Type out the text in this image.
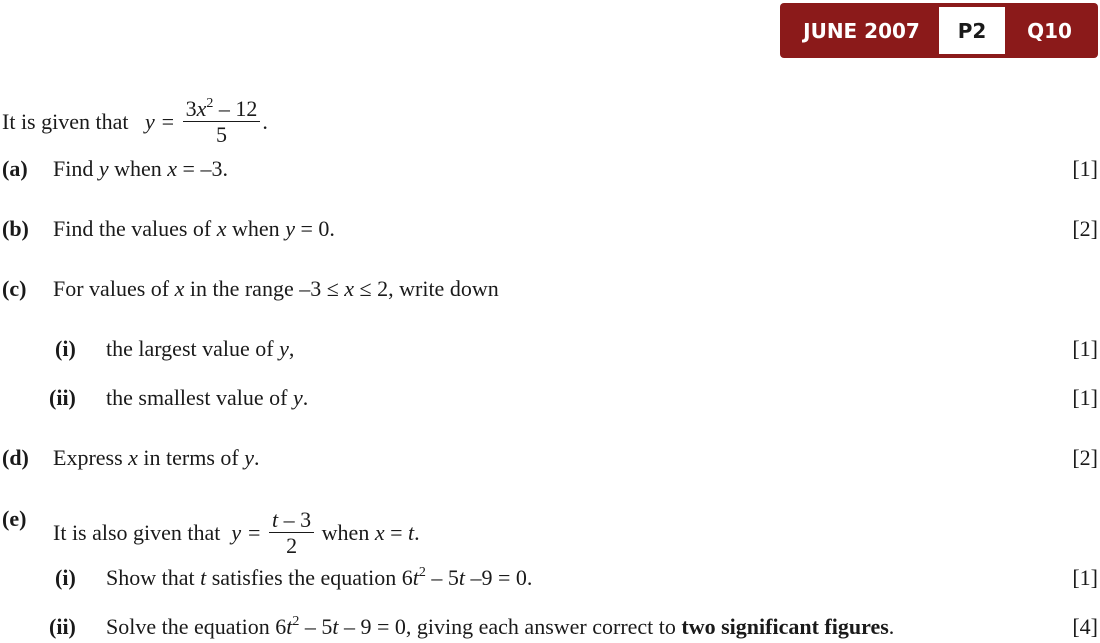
JUNE 2007	P2	Q10
It is given that $y = \frac{3x^2 - 12}{5}$ .
(a) Find y when x = –3.	[1]
(b) Find the values of x when y = 0.	[2]
(c) For values of x in the range –3 ≤ x ≤ 2, write down
(i) the largest value of y,	[1]
(ii) the smallest value of y.	[1]
(d) Express x in terms of y.	[2]
(e)
It is also given that $y = \frac{t - 3}{2}$ when x = t.
(i) Show that t satisfies the equation $6t^2 - 5t$ –9 = 0.	[1]
(ii) Solve the equation $6t^2 - 5t - 9 = 0$, giving each answer correct to two significant figures.	[4]
